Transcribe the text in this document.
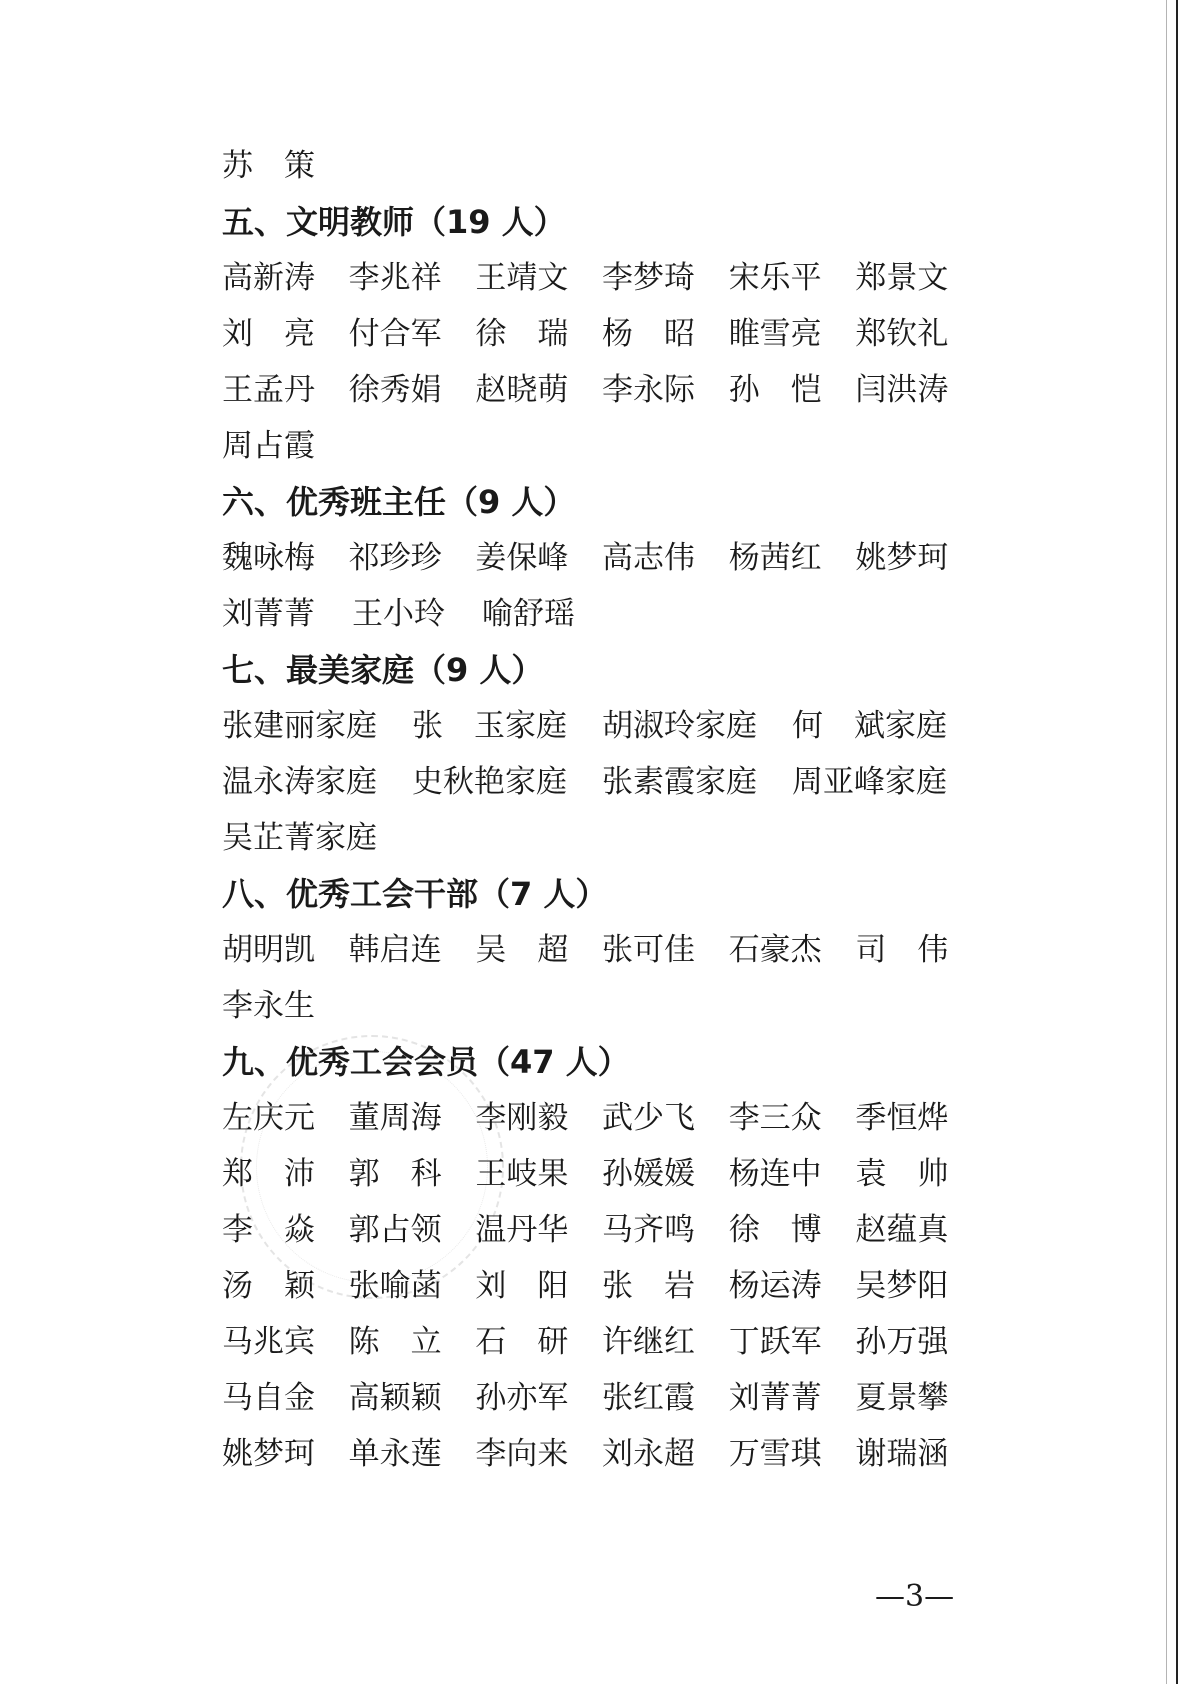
苏　策
五、文明教师（19 人）
高新涛	李兆祥	王靖文	李梦琦	宋乐平	郑景文
刘　亮	付合军	徐　瑞	杨　昭	睢雪亮	郑钦礼
王孟丹	徐秀娟	赵晓萌	李永际	孙　恺	闫洪涛
周占霞
六、优秀班主任（9 人）
魏咏梅	祁珍珍	姜保峰	高志伟	杨茜红	姚梦珂
刘菁菁	王小玲	喻舒瑶
七、最美家庭（9 人）
张建丽家庭	张　玉家庭	胡淑玲家庭	何　斌家庭
温永涛家庭	史秋艳家庭	张素霞家庭	周亚峰家庭
吴芷菁家庭
八、优秀工会干部（7 人）
胡明凯	韩启连	吴　超	张可佳	石豪杰	司　伟
李永生
九、优秀工会会员（47 人）
左庆元	董周海	李刚毅	武少飞	李三众	季恒烨
郑　沛	郭　科	王岐果	孙媛媛	杨连中	袁　帅
李　焱	郭占领	温丹华	马齐鸣	徐　博	赵蕴真
汤　颖	张喻菡	刘　阳	张　岩	杨运涛	吴梦阳
马兆宾	陈　立	石　研	许继红	丁跃军	孙万强
马自金	高颖颖	孙亦军	张红霞	刘菁菁	夏景攀
姚梦珂	单永莲	李向来	刘永超	万雪琪	谢瑞涵
—3—
